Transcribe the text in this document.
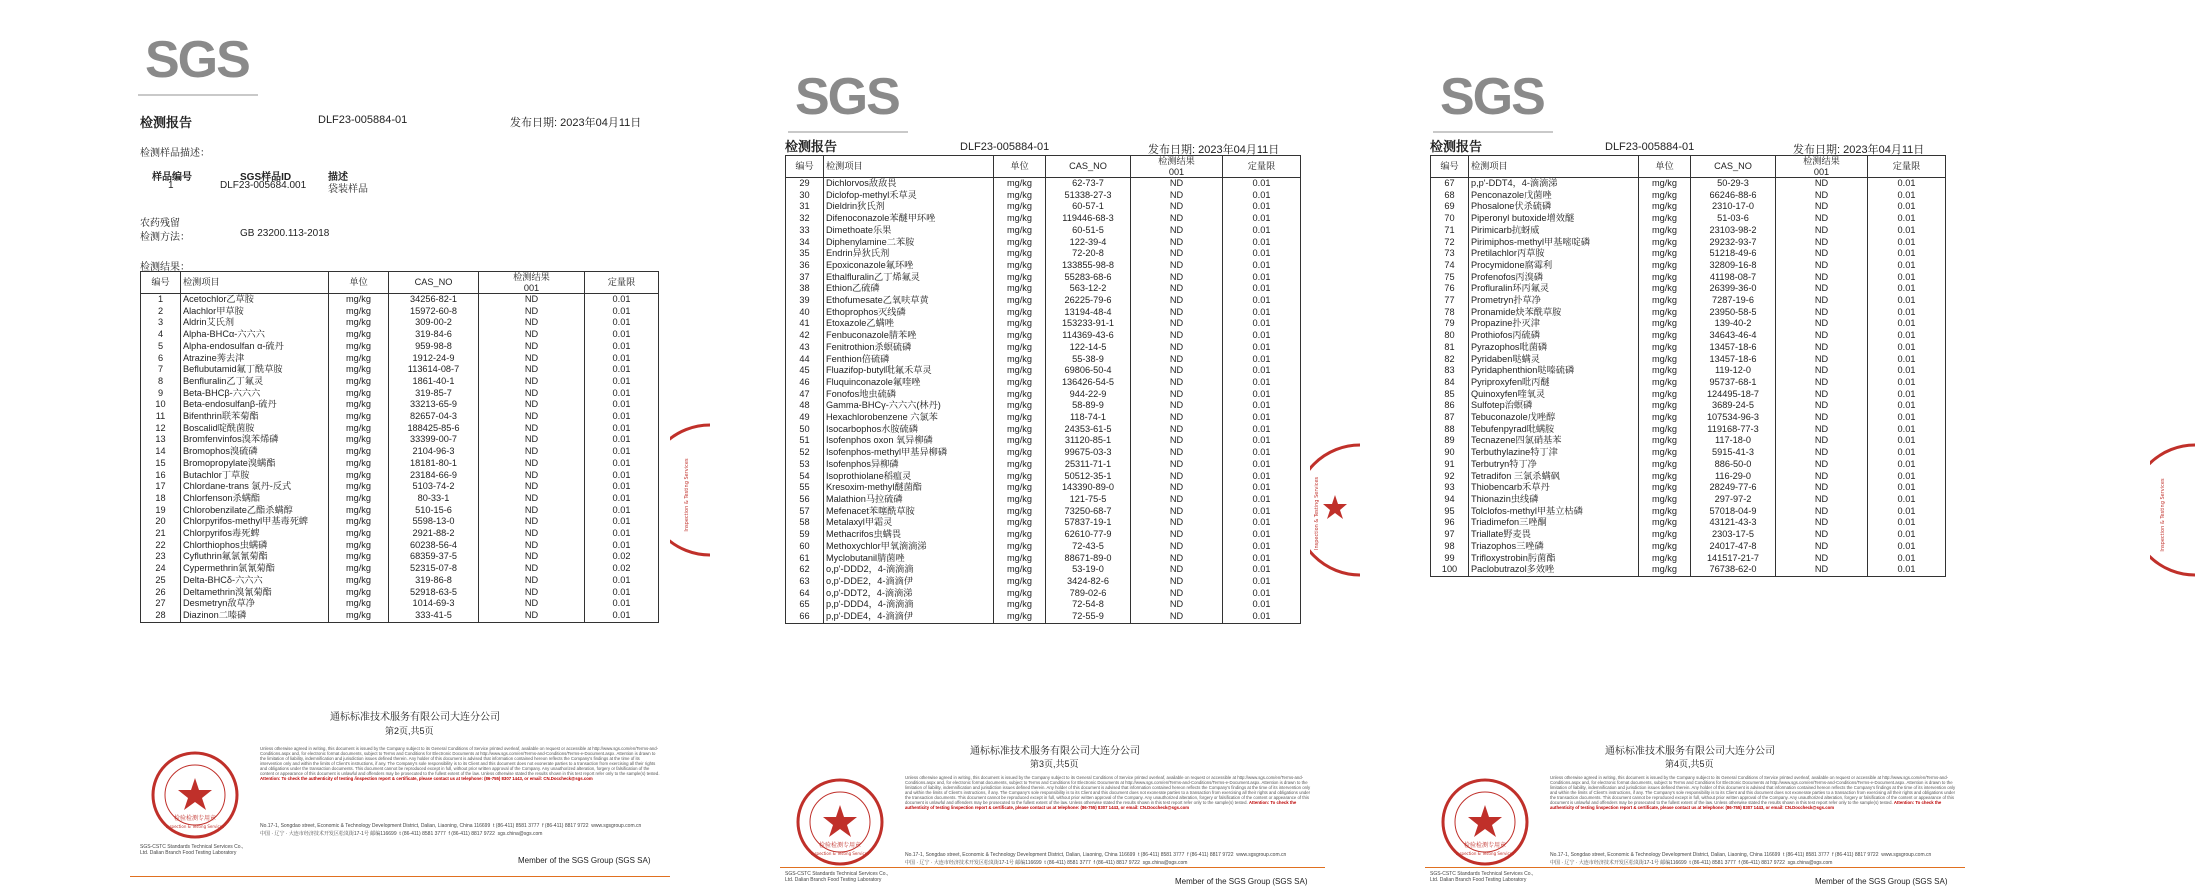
SGS
检测报告	DLF23-005884-01	发布日期: 2023年04月11日
检测样品描述：
样品编号	SGS样品ID	描述
1	DLF23-005684.001 袋装样品
农药残留
检测方法：	GB 23200.113-2018
检测结果：
编号	检测项目	单位	CAS_NO	检测结果
001	定量限
1	Acetochlor乙草胺	mg/kg	34256-82-1	ND	0.01
2	Alachlor甲草胺	mg/kg	15972-60-8	ND	0.01
3	Aldrin艾氏剂	mg/kg	309-00-2	ND	0.01
4	Alpha-BHCα-六六六	mg/kg	319-84-6	ND	0.01
5	Alpha-endosulfan α-硫丹	mg/kg	959-98-8	ND	0.01
6	Atrazine莠去津	mg/kg	1912-24-9	ND	0.01
7	Beflubutamid氟丁酰草胺	mg/kg	113614-08-7	ND	0.01
8	Benfluralin乙丁氟灵	mg/kg	1861-40-1	ND	0.01
9	Beta-BHCβ-六六六	mg/kg	319-85-7	ND	0.01
10	Beta-endosulfanβ-硫丹	mg/kg	33213-65-9	ND	0.01
11	Bifenthrin联苯菊酯	mg/kg	82657-04-3	ND	0.01
12	Boscalid啶酰菌胺	mg/kg	188425-85-6	ND	0.01
13	Bromfenvinfos溴苯烯磷	mg/kg	33399-00-7	ND	0.01
14	Bromophos溴硫磷	mg/kg	2104-96-3	ND	0.01
15	Bromopropylate溴螨酯	mg/kg	18181-80-1	ND	0.01
16	Butachlor丁草胺	mg/kg	23184-66-9	ND	0.01
17	Chlordane-trans 氯丹-反式	mg/kg	5103-74-2	ND	0.01
18	Chlorfenson杀螨酯	mg/kg	80-33-1	ND	0.01
19	Chlorobenzilate乙酯杀螨醇	mg/kg	510-15-6	ND	0.01
20	Chlorpyrifos-methyl甲基毒死蜱	mg/kg	5598-13-0	ND	0.01
21	Chlorpyrifos毒死蜱	mg/kg	2921-88-2	ND	0.01
22	Chlorthiophos虫螨磷	mg/kg	60238-56-4	ND	0.01
23	Cyfluthrin氟氯氰菊酯	mg/kg	68359-37-5	ND	0.02
24	Cypermethrin氯氰菊酯	mg/kg	52315-07-8	ND	0.02
25	Delta-BHCδ-六六六	mg/kg	319-86-8	ND	0.01
26	Deltamethrin溴氰菊酯	mg/kg	52918-63-5	ND	0.01
27	Desmetryn敌草净	mg/kg	1014-69-3	ND	0.01
28	Diazinon二嗪磷	mg/kg	333-41-5	ND	0.01
通标标准技术服务有限公司大连分公司
第2页,共5页
Unless otherwise agreed in writing, this document is issued by the Company subject to its General Conditions of Service printed overleaf, available on request or accessible at http://www.sgs.com/en/Terms-and-Conditions.aspx and, for electronic format documents, subject to Terms and Conditions for Electronic Documents at http://www.sgs.com/en/Terms-and-Conditions/Terms-e-Document.aspx. Attention is drawn to the limitation of liability, indemnification and jurisdiction issues defined therein. Any holder of this document is advised that information contained hereon reflects the Company's findings at the time of its intervention only and within the limits of Client's instructions, if any. The Company's sole responsibility is to its Client and this document does not exonerate parties to a transaction from exercising all their rights and obligations under the transaction documents. This document cannot be reproduced except in full, without prior written approval of the Company. Any unauthorized alteration, forgery or falsification of the content or appearance of this document is unlawful and offenders may be prosecuted to the fullest extent of the law. Unless otherwise stated the results shown in this test report refer only to the sample(s) tested. Attention: To check the authenticity of testing /inspection report & certificate, please contact us at telephone: (86-755) 8307 1443, or email: CN.Doccheck@sgs.com
No.17-1, Songdao street, Economic & Technology Development District, Dalian, Liaoning, China 116699 t (86-411) 8581 3777 f (86-411) 8817 9722 www.sgsgroup.com.cn
中国 · 辽宁 · 大连市经济技术开发区松岚街17-1号 邮编116699 t (86-411) 8581 3777 f (86-411) 8817 9722 sgs.china@sgs.com
SGS-CSTC Standards Technical Services Co., Ltd. Dalian Branch Food Testing Laboratory
Member of the SGS Group (SGS SA)
检验检测专用章
Inspection & Testing Services
Inspection & Testing Services
SGS
检测报告	DLF23-005884-01	发布日期: 2023年04月11日
编号	检测项目	单位	CAS_NO	检测结果
001	定量限
29	Dichlorvos敌敌畏	mg/kg	62-73-7	ND	0.01
30	Diclofop-methyl禾草灵	mg/kg	51338-27-3	ND	0.01
31	Dieldrin狄氏剂	mg/kg	60-57-1	ND	0.01
32	Difenoconazole苯醚甲环唑	mg/kg	119446-68-3	ND	0.01
33	Dimethoate乐果	mg/kg	60-51-5	ND	0.01
34	Diphenylamine二苯胺	mg/kg	122-39-4	ND	0.01
35	Endrin异狄氏剂	mg/kg	72-20-8	ND	0.01
36	Epoxiconazole氟环唑	mg/kg	133855-98-8	ND	0.01
37	Ethalfluralin乙丁烯氟灵	mg/kg	55283-68-6	ND	0.01
38	Ethion乙硫磷	mg/kg	563-12-2	ND	0.01
39	Ethofumesate乙氧呋草黄	mg/kg	26225-79-6	ND	0.01
40	Ethoprophos灭线磷	mg/kg	13194-48-4	ND	0.01
41	Etoxazole乙螨唑	mg/kg	153233-91-1	ND	0.01
42	Fenbuconazole腈苯唑	mg/kg	114369-43-6	ND	0.01
43	Fenitrothion杀螟硫磷	mg/kg	122-14-5	ND	0.01
44	Fenthion倍硫磷	mg/kg	55-38-9	ND	0.01
45	Fluazifop-butyl吡氟禾草灵	mg/kg	69806-50-4	ND	0.01
46	Fluquinconazole氟喹唑	mg/kg	136426-54-5	ND	0.01
47	Fonofos地虫硫磷	mg/kg	944-22-9	ND	0.01
48	Gamma-BHCγ-六六六(林丹)	mg/kg	58-89-9	ND	0.01
49	Hexachlorobenzene 六氯苯	mg/kg	118-74-1	ND	0.01
50	Isocarbophos水胺硫磷	mg/kg	24353-61-5	ND	0.01
51	Isofenphos oxon 氧异柳磷	mg/kg	31120-85-1	ND	0.01
52	Isofenphos-methyl甲基异柳磷	mg/kg	99675-03-3	ND	0.01
53	Isofenphos异柳磷	mg/kg	25311-71-1	ND	0.01
54	Isoprothiolane稻瘟灵	mg/kg	50512-35-1	ND	0.01
55	Kresoxim-methyl醚菌酯	mg/kg	143390-89-0	ND	0.01
56	Malathion马拉硫磷	mg/kg	121-75-5	ND	0.01
57	Mefenacet苯噻酰草胺	mg/kg	73250-68-7	ND	0.01
58	Metalaxyl甲霜灵	mg/kg	57837-19-1	ND	0.01
59	Methacrifos虫螨畏	mg/kg	62610-77-9	ND	0.01
60	Methoxychlor甲氧滴滴涕	mg/kg	72-43-5	ND	0.01
61	Myclobutanil腈菌唑	mg/kg	88671-89-0	ND	0.01
62	o,p'-DDD2，4-滴滴滴	mg/kg	53-19-0	ND	0.01
63	o,p'-DDE2，4-滴滴伊	mg/kg	3424-82-6	ND	0.01
64	o,p'-DDT2，4-滴滴涕	mg/kg	789-02-6	ND	0.01
65	p,p'-DDD4，4-滴滴滴	mg/kg	72-54-8	ND	0.01
66	p,p'-DDE4，4-滴滴伊	mg/kg	72-55-9	ND	0.01
通标标准技术服务有限公司大连分公司
第3页,共5页
Unless otherwise agreed in writing, this document is issued by the Company subject to its General Conditions of Service printed overleaf, available on request or accessible at http://www.sgs.com/en/Terms-and-Conditions.aspx and, for electronic format documents, subject to Terms and Conditions for Electronic Documents at http://www.sgs.com/en/Terms-and-Conditions/Terms-e-Document.aspx. Attention is drawn to the limitation of liability, indemnification and jurisdiction issues defined therein. Any holder of this document is advised that information contained hereon reflects the Company's findings at the time of its intervention only and within the limits of Client's instructions, if any. The Company's sole responsibility is to its Client and this document does not exonerate parties to a transaction from exercising all their rights and obligations under the transaction documents. This document cannot be reproduced except in full, without prior written approval of the Company. Any unauthorized alteration, forgery or falsification of the content or appearance of this document is unlawful and offenders may be prosecuted to the fullest extent of the law. Unless otherwise stated the results shown in this test report refer only to the sample(s) tested. Attention: To check the authenticity of testing /inspection report & certificate, please contact us at telephone: (86-755) 8307 1443, or email: CN.Doccheck@sgs.com
No.17-1, Songdao street, Economic & Technology Development District, Dalian, Liaoning, China 116699 t (86-411) 8581 3777 f (86-411) 8817 9722 www.sgsgroup.com.cn
中国 · 辽宁 · 大连市经济技术开发区松岚街17-1号 邮编116699 t (86-411) 8581 3777 f (86-411) 8817 9722 sgs.china@sgs.com
SGS-CSTC Standards Technical Services Co., Ltd. Dalian Branch Food Testing Laboratory	Member of the SGS Group (SGS SA)
检验检测专用章
Inspection & Testing Services
Inspection & Testing Services
SGS
检测报告	DLF23-005884-01	发布日期: 2023年04月11日
编号	检测项目	单位	CAS_NO	检测结果
001	定量限
67	p,p'-DDT4，4-滴滴涕	mg/kg	50-29-3	ND	0.01
68	Penconazole戊菌唑	mg/kg	66246-88-6	ND	0.01
69	Phosalone伏杀硫磷	mg/kg	2310-17-0	ND	0.01
70	Piperonyl butoxide增效醚	mg/kg	51-03-6	ND	0.01
71	Pirimicarb抗蚜威	mg/kg	23103-98-2	ND	0.01
72	Pirimiphos-methyl甲基嘧啶磷	mg/kg	29232-93-7	ND	0.01
73	Pretilachlor丙草胺	mg/kg	51218-49-6	ND	0.01
74	Procymidone腐霉利	mg/kg	32809-16-8	ND	0.01
75	Profenofos丙溴磷	mg/kg	41198-08-7	ND	0.01
76	Profluralin环丙氟灵	mg/kg	26399-36-0	ND	0.01
77	Prometryn扑草净	mg/kg	7287-19-6	ND	0.01
78	Pronamide炔苯酰草胺	mg/kg	23950-58-5	ND	0.01
79	Propazine扑灭津	mg/kg	139-40-2	ND	0.01
80	Prothiofos丙硫磷	mg/kg	34643-46-4	ND	0.01
81	Pyrazophos吡菌磷	mg/kg	13457-18-6	ND	0.01
82	Pyridaben哒螨灵	mg/kg	13457-18-6	ND	0.01
83	Pyridaphenthion哒嗪硫磷	mg/kg	119-12-0	ND	0.01
84	Pyriproxyfen吡丙醚	mg/kg	95737-68-1	ND	0.01
85	Quinoxyfen喹氧灵	mg/kg	124495-18-7	ND	0.01
86	Sulfotep治螟磷	mg/kg	3689-24-5	ND	0.01
87	Tebuconazole戊唑醇	mg/kg	107534-96-3	ND	0.01
88	Tebufenpyrad吡螨胺	mg/kg	119168-77-3	ND	0.01
89	Tecnazene四氯硝基苯	mg/kg	117-18-0	ND	0.01
90	Terbuthylazine特丁津	mg/kg	5915-41-3	ND	0.01
91	Terbutryn特丁净	mg/kg	886-50-0	ND	0.01
92	Tetradifon 三氯杀螨砜	mg/kg	116-29-0	ND	0.01
93	Thiobencarb禾草丹	mg/kg	28249-77-6	ND	0.01
94	Thionazin虫线磷	mg/kg	297-97-2	ND	0.01
95	Tolclofos-methyl甲基立枯磷	mg/kg	57018-04-9	ND	0.01
96	Triadimefon三唑酮	mg/kg	43121-43-3	ND	0.01
97	Triallate野麦畏	mg/kg	2303-17-5	ND	0.01
98	Triazophos三唑磷	mg/kg	24017-47-8	ND	0.01
99	Trifloxystrobin肟菌酯	mg/kg	141517-21-7	ND	0.01
100	Paclobutrazol多效唑	mg/kg	76738-62-0	ND	0.01
通标标准技术服务有限公司大连分公司
第4页,共5页
Unless otherwise agreed in writing, this document is issued by the Company subject to its General Conditions of Service printed overleaf, available on request or accessible at http://www.sgs.com/en/Terms-and-Conditions.aspx and, for electronic format documents, subject to Terms and Conditions for Electronic Documents at http://www.sgs.com/en/Terms-and-Conditions/Terms-e-Document.aspx. Attention is drawn to the limitation of liability, indemnification and jurisdiction issues defined therein. Any holder of this document is advised that information contained hereon reflects the Company's findings at the time of its intervention only and within the limits of Client's instructions, if any. The Company's sole responsibility is to its Client and this document does not exonerate parties to a transaction from exercising all their rights and obligations under the transaction documents. This document cannot be reproduced except in full, without prior written approval of the Company. Any unauthorized alteration, forgery or falsification of the content or appearance of this document is unlawful and offenders may be prosecuted to the fullest extent of the law. Unless otherwise stated the results shown in this test report refer only to the sample(s) tested. Attention: To check the authenticity of testing /inspection report & certificate, please contact us at telephone: (86-755) 8307 1443, or email: CN.Doccheck@sgs.com
No.17-1, Songdao street, Economic & Technology Development District, Dalian, Liaoning, China 116699 t (86-411) 8581 3777 f (86-411) 8817 9722 www.sgsgroup.com.cn
中国 · 辽宁 · 大连市经济技术开发区松岚街17-1号 邮编116699 t (86-411) 8581 3777 f (86-411) 8817 9722 sgs.china@sgs.com
SGS-CSTC Standards Technical Services Co., Ltd. Dalian Branch Food Testing Laboratory	Member of the SGS Group (SGS SA)
检验检测专用章
Inspection & Testing Services
Inspection & Testing Services
